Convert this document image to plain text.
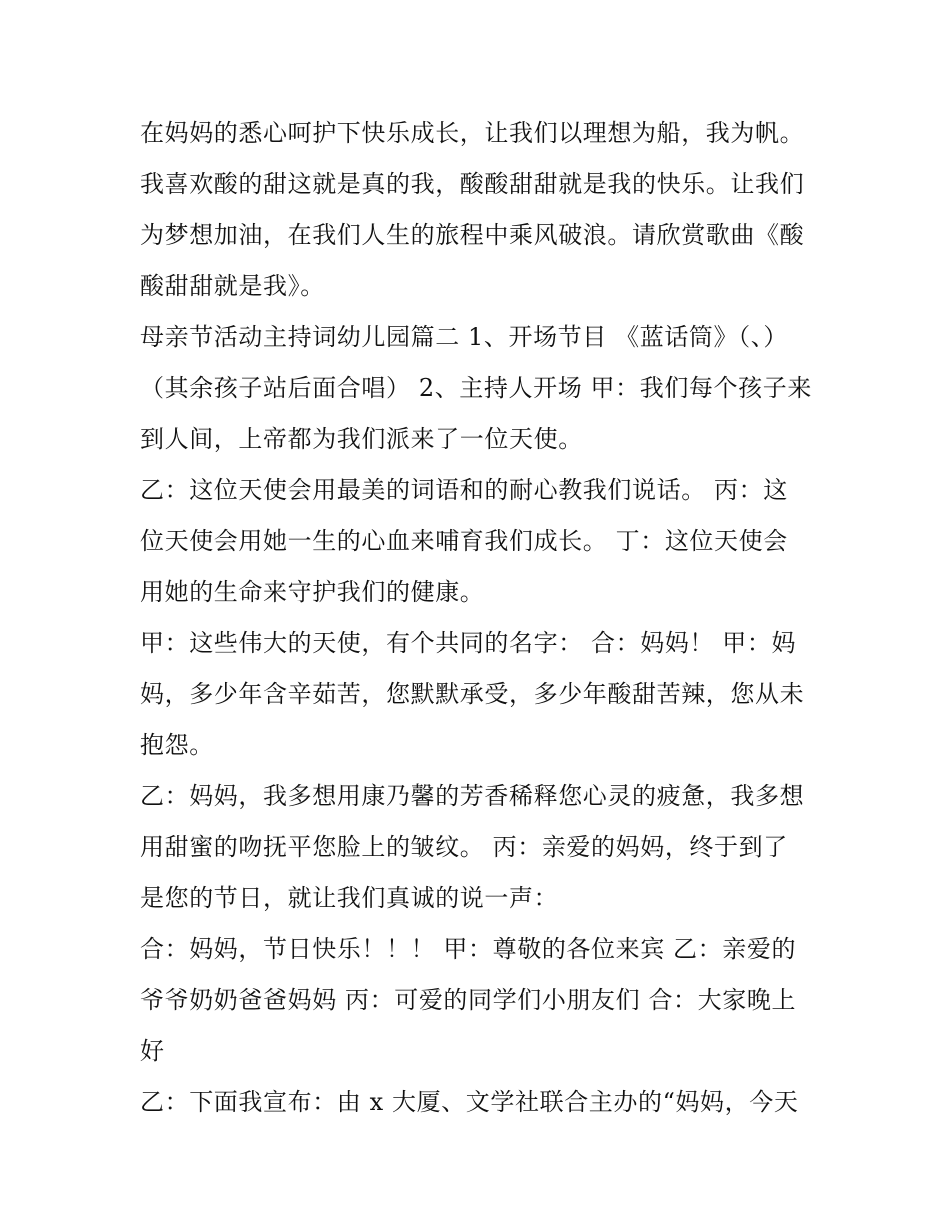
在妈妈的悉心呵护下快乐成长，让我们以理想为船，我为帆。
我喜欢酸的甜这就是真的我，酸酸甜甜就是我的快乐。让我们
为梦想加油，在我们人生的旅程中乘风破浪。请欣赏歌曲《酸
酸甜甜就是我》。

母亲节活动主持词幼儿园篇二 1、开场节目 《蓝话筒》（、）
（其余孩子站后面合唱） 2、主持人开场 甲：我们每个孩子来
到人间，上帝都为我们派来了一位天使。

乙：这位天使会用最美的词语和的耐心教我们说话。 丙：这
位天使会用她一生的心血来哺育我们成长。 丁：这位天使会
用她的生命来守护我们的健康。

甲：这些伟大的天使，有个共同的名字： 合：妈妈！ 甲：妈
妈，多少年含辛茹苦，您默默承受，多少年酸甜苦辣，您从未
抱怨。

乙：妈妈，我多想用康乃馨的芳香稀释您心灵的疲惫，我多想
用甜蜜的吻抚平您脸上的皱纹。 丙：亲爱的妈妈，终于到了
是您的节日，就让我们真诚的说一声：

合：妈妈，节日快乐！！！ 甲：尊敬的各位来宾 乙：亲爱的
爷爷奶奶爸爸妈妈 丙：可爱的同学们小朋友们 合：大家晚上
好

乙：下面我宣布：由 x 大厦、文学社联合主办的“妈妈，今天
